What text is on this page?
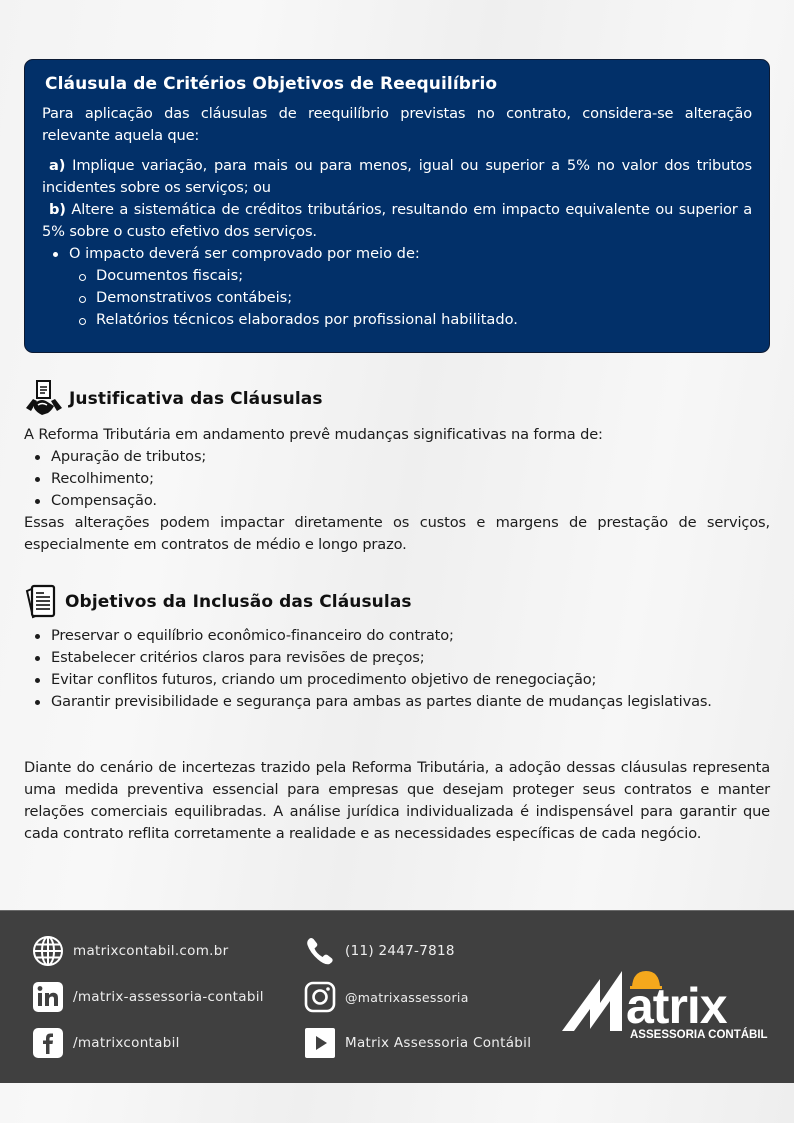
Cláusula de Critérios Objetivos de Reequilíbrio

Para aplicação das cláusulas de reequilíbrio previstas no contrato, considera-se alteração relevante aquela que:

a) Implique variação, para mais ou para menos, igual ou superior a 5% no valor dos tributos incidentes sobre os serviços; ou

b) Altere a sistemática de créditos tributários, resultando em impacto equivalente ou superior a 5% sobre o custo efetivo dos serviços.

O impacto deverá ser comprovado por meio de:
Documentos fiscais;
Demonstrativos contábeis;
Relatórios técnicos elaborados por profissional habilitado.
Justificativa das Cláusulas

A Reforma Tributária em andamento prevê mudanças significativas na forma de:

Apuração de tributos;
Recolhimento;
Compensação.

Essas alterações podem impactar diretamente os custos e margens de prestação de serviços, especialmente em contratos de médio e longo prazo.

Objetivos da Inclusão das Cláusulas
Preservar o equilíbrio econômico-financeiro do contrato;
Estabelecer critérios claros para revisões de preços;
Evitar conflitos futuros, criando um procedimento objetivo de renegociação;
Garantir previsibilidade e segurança para ambas as partes diante de mudanças legislativas.

Diante do cenário de incertezas trazido pela Reforma Tributária, a adoção dessas cláusulas representa uma medida preventiva essencial para empresas que desejam proteger seus contratos e manter relações comerciais equilibradas. A análise jurídica individualizada é indispensável para garantir que cada contrato reflita corretamente a realidade e as necessidades específicas de cada negócio.

matrixcontabil.com.br
/matrix-assessoria-contabil
/matrixcontabil
(11) 2447-7818
@matrixassessoria
Matrix Assessoria Contábil
atrix
ASSESSORIA CONTÁBIL
